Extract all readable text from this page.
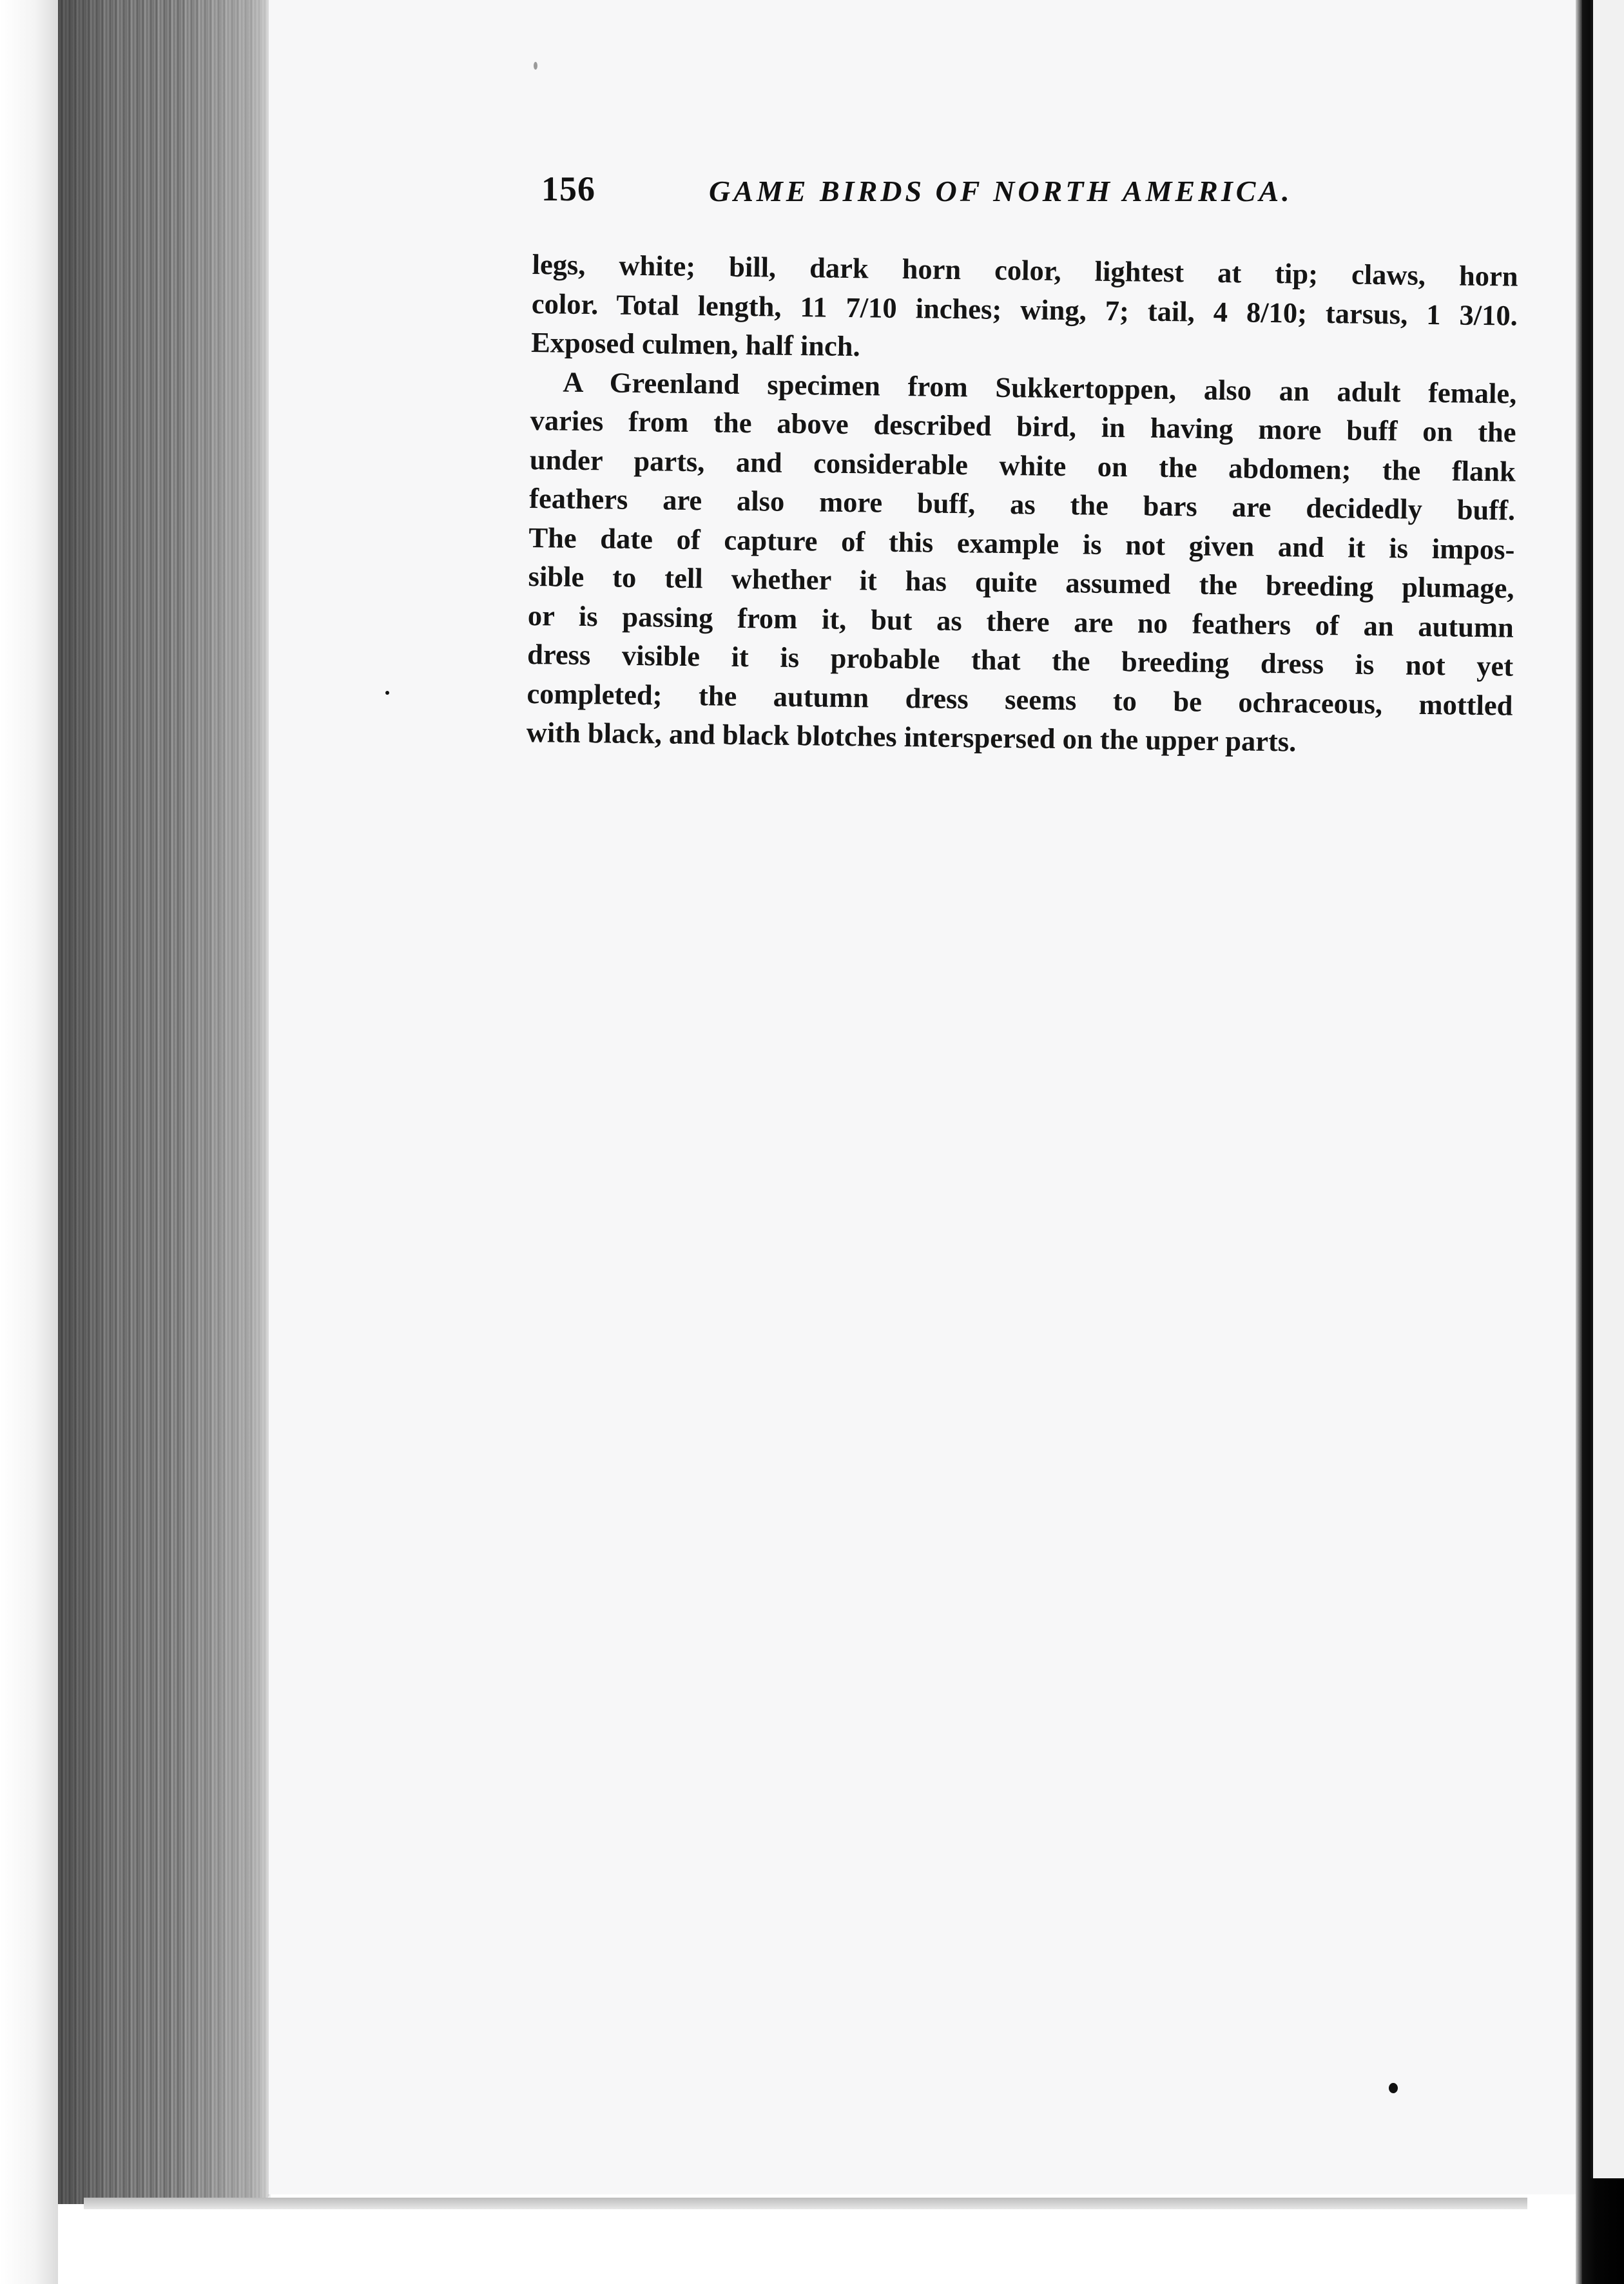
156	GAME BIRDS OF NORTH AMERICA.
legs, white; bill, dark horn color, lightest at tip; claws, horn
color. Total length, 11 7/10 inches; wing, 7; tail, 4 8/10; tarsus, 1 3/10.
Exposed culmen, half inch.
A Greenland specimen from Sukkertoppen, also an adult female,
varies from the above described bird, in having more buff on the
under parts, and considerable white on the abdomen; the flank
feathers are also more buff, as the bars are decidedly buff.
The date of capture of this example is not given and it is impos-
sible to tell whether it has quite assumed the breeding plumage,
or is passing from it, but as there are no feathers of an autumn
dress visible it is probable that the breeding dress is not yet
completed; the autumn dress seems to be ochraceous, mottled
with black, and black blotches interspersed on the upper parts.
